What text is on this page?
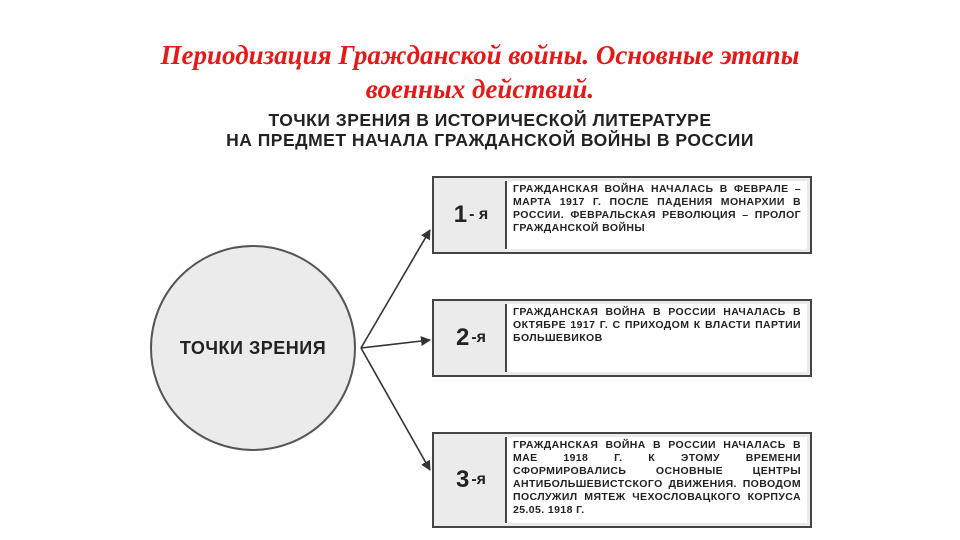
Периодизация Гражданской войны. Основные этапы
военных действий.
ТОЧКИ ЗРЕНИЯ В ИСТОРИЧЕСКОЙ ЛИТЕРАТУРЕ
НА ПРЕДМЕТ НАЧАЛА ГРАЖДАНСКОЙ ВОЙНЫ В РОССИИ
ТОЧКИ ЗРЕНИЯ
1 - я
ГРАЖДАНСКАЯ ВОЙНА НАЧАЛАСЬ В ФЕВРАЛЕ – МАРТА 1917 Г. ПОСЛЕ ПАДЕНИЯ МОНАРХИИ В РОССИИ. ФЕВРАЛЬСКАЯ РЕВОЛЮЦИЯ – ПРОЛОГ ГРАЖДАНСКОЙ ВОЙНЫ
2 -я
ГРАЖДАНСКАЯ ВОЙНА В РОССИИ НАЧАЛАСЬ В ОКТЯБРЕ 1917 Г. С ПРИХОДОМ К ВЛАСТИ ПАРТИИ БОЛЬШЕВИКОВ
3 -я
ГРАЖДАНСКАЯ ВОЙНА В РОССИИ НАЧАЛАСЬ В МАЕ 1918 Г. К ЭТОМУ ВРЕМЕНИ СФОРМИРОВАЛИСЬ ОСНОВНЫЕ ЦЕНТРЫ АНТИБОЛЬШЕВИСТСКОГО ДВИЖЕНИЯ. ПОВОДОМ ПОСЛУЖИЛ МЯТЕЖ ЧЕХОСЛОВАЦКОГО КОРПУСА 25.05. 1918 Г.
